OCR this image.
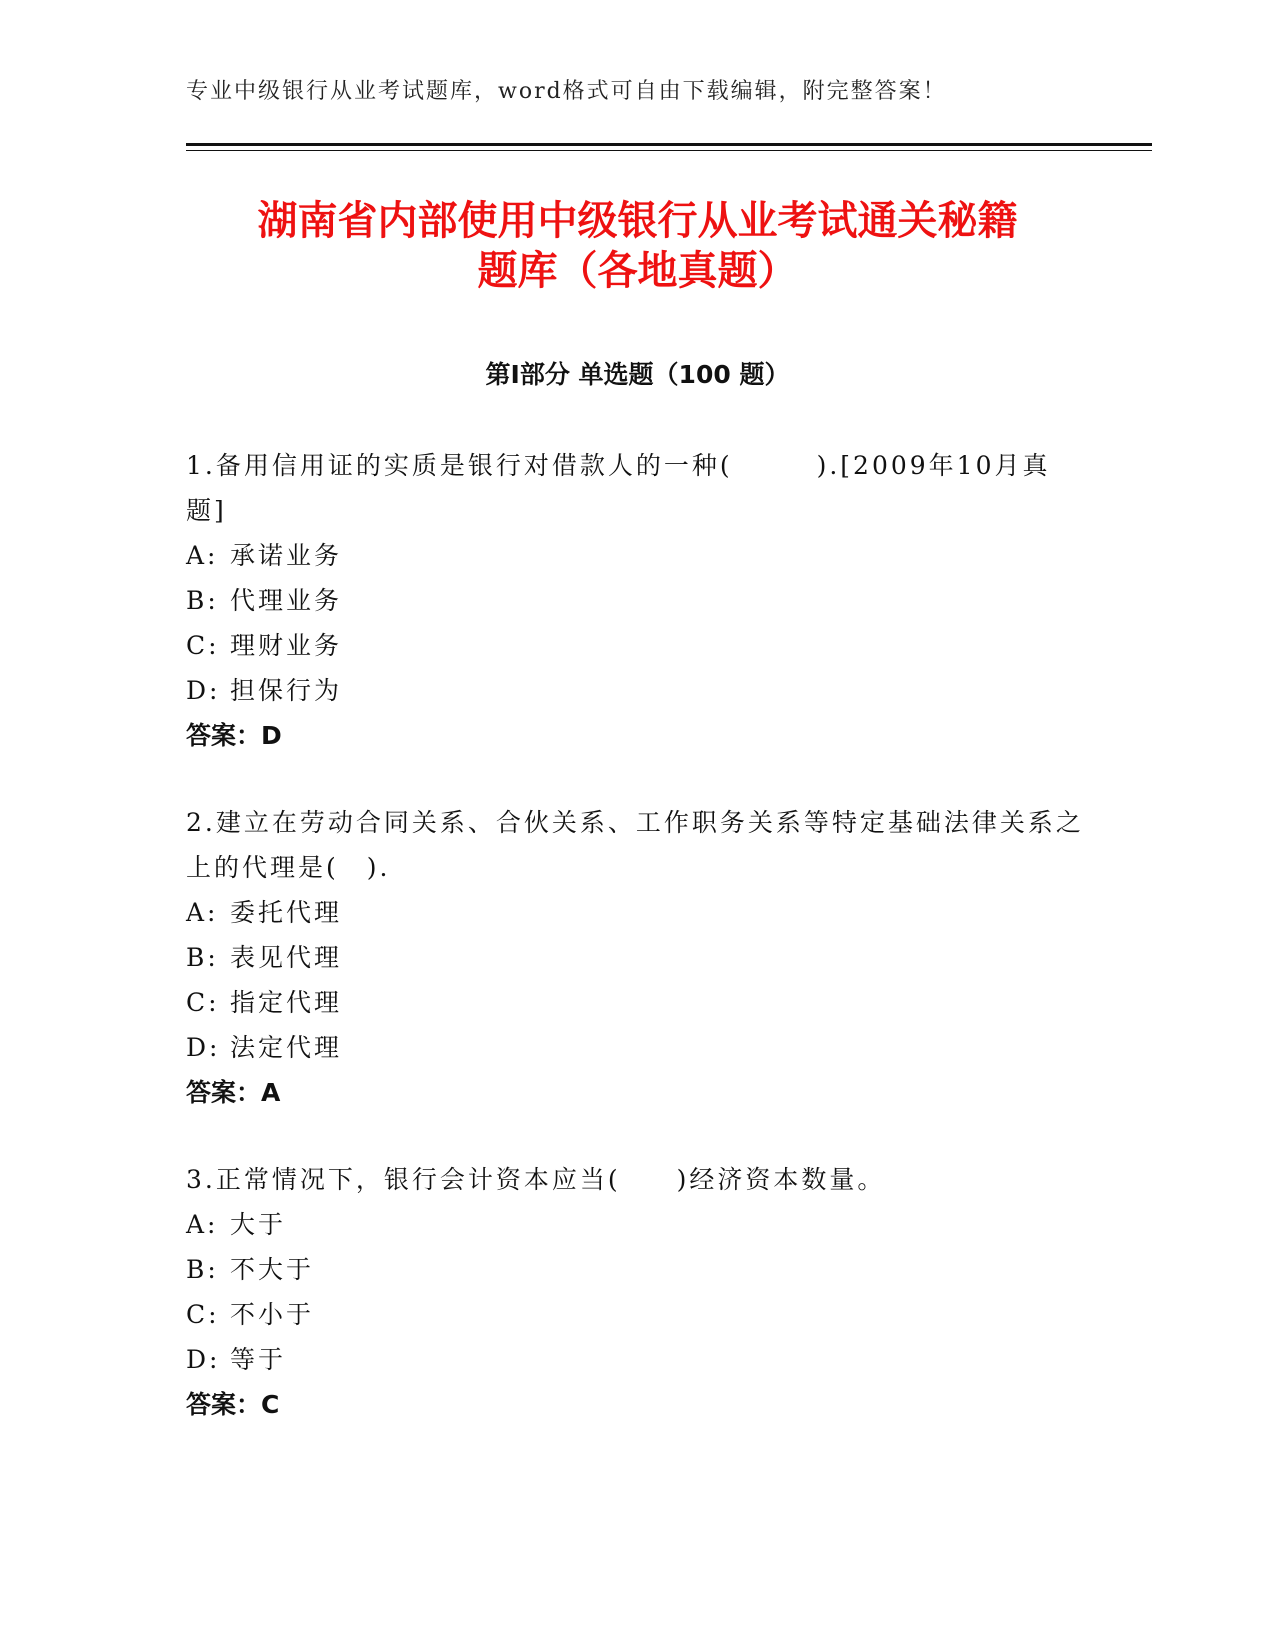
专业中级银行从业考试题库，word格式可自由下载编辑，附完整答案！
湖南省内部使用中级银行从业考试通关秘籍
题库（各地真题）
第Ⅰ部分 单选题（100 题）

1.备用信用证的实质是银行对借款人的一种(　　　).[2009年10月真题]

A: 承诺业务
B: 代理业务
C: 理财业务
D: 担保行为
答案：D

2.建立在劳动合同关系、合伙关系、工作职务关系等特定基础法律关系之上的代理是(　).

A: 委托代理
B: 表见代理
C: 指定代理
D: 法定代理
答案：A

3.正常情况下，银行会计资本应当(　　)经济资本数量。

A: 大于
B: 不大于
C: 不小于
D: 等于
答案：C
